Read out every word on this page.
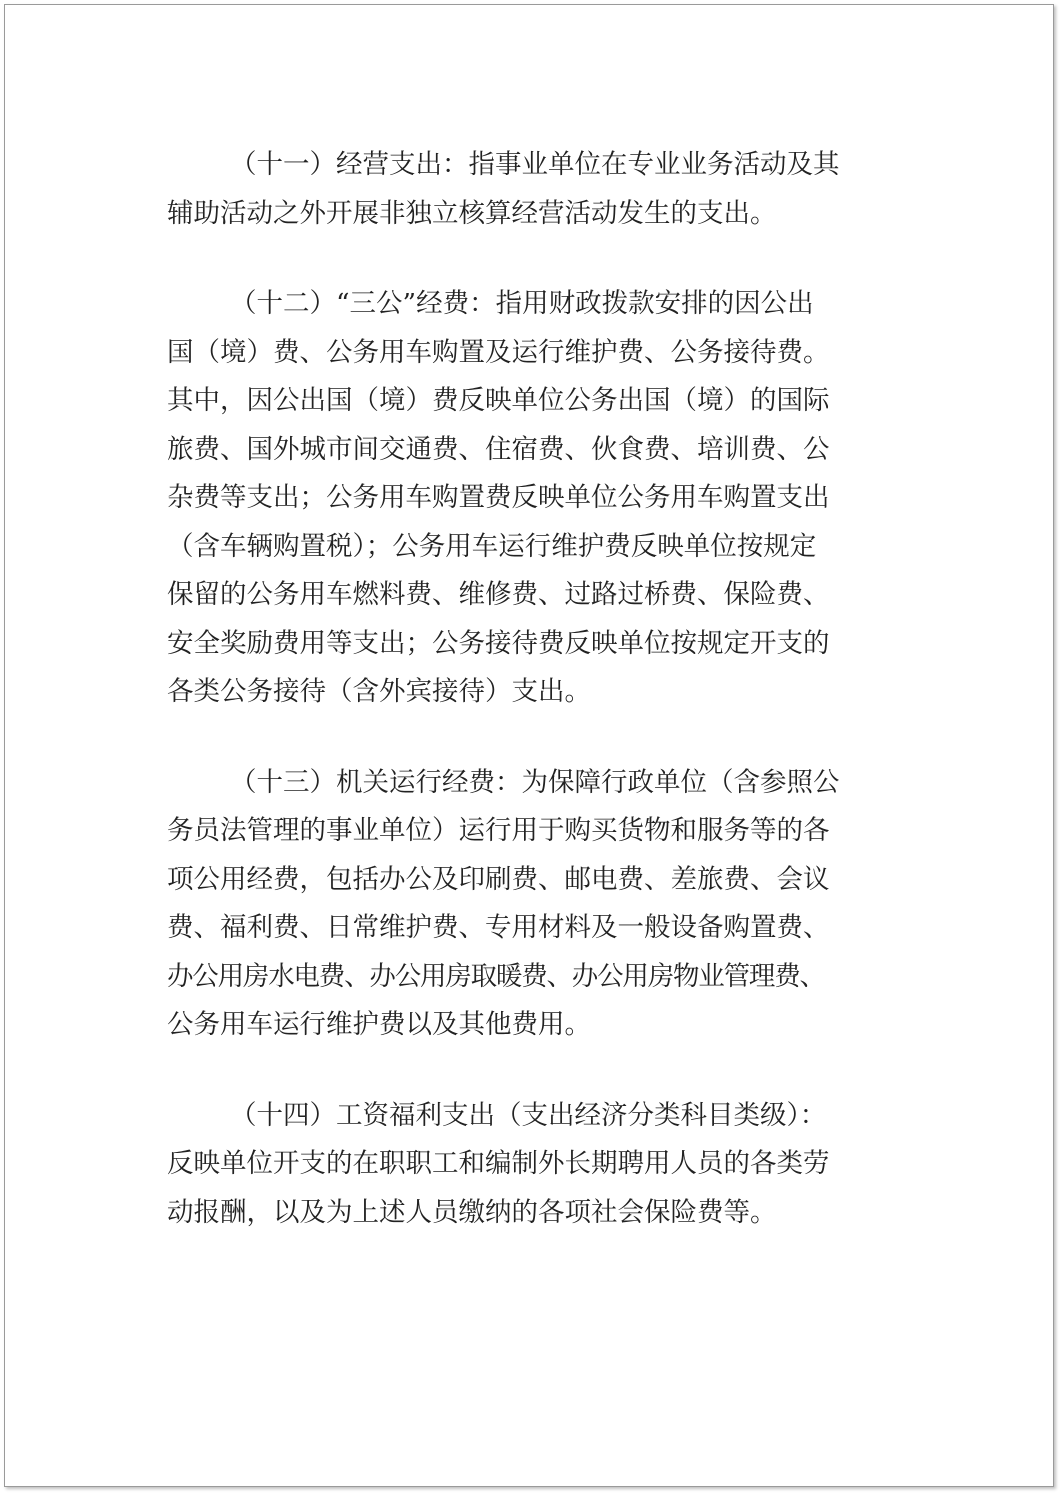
（十一）经营支出：指事业单位在专业业务活动及其
辅助活动之外开展非独立核算经营活动发生的支出。
（十二）“三公”经费：指用财政拨款安排的因公出
国（境）费、公务用车购置及运行维护费、公务接待费。
其中，因公出国（境）费反映单位公务出国（境）的国际
旅费、国外城市间交通费、住宿费、伙食费、培训费、公
杂费等支出；公务用车购置费反映单位公务用车购置支出
（含车辆购置税）；公务用车运行维护费反映单位按规定
保留的公务用车燃料费、维修费、过路过桥费、保险费、
安全奖励费用等支出；公务接待费反映单位按规定开支的
各类公务接待（含外宾接待）支出。
（十三）机关运行经费：为保障行政单位（含参照公
务员法管理的事业单位）运行用于购买货物和服务等的各
项公用经费，包括办公及印刷费、邮电费、差旅费、会议
费、福利费、日常维护费、专用材料及一般设备购置费、
办公用房水电费、办公用房取暖费、办公用房物业管理费、
公务用车运行维护费以及其他费用。
（十四）工资福利支出（支出经济分类科目类级）：
反映单位开支的在职职工和编制外长期聘用人员的各类劳
动报酬，以及为上述人员缴纳的各项社会保险费等。
